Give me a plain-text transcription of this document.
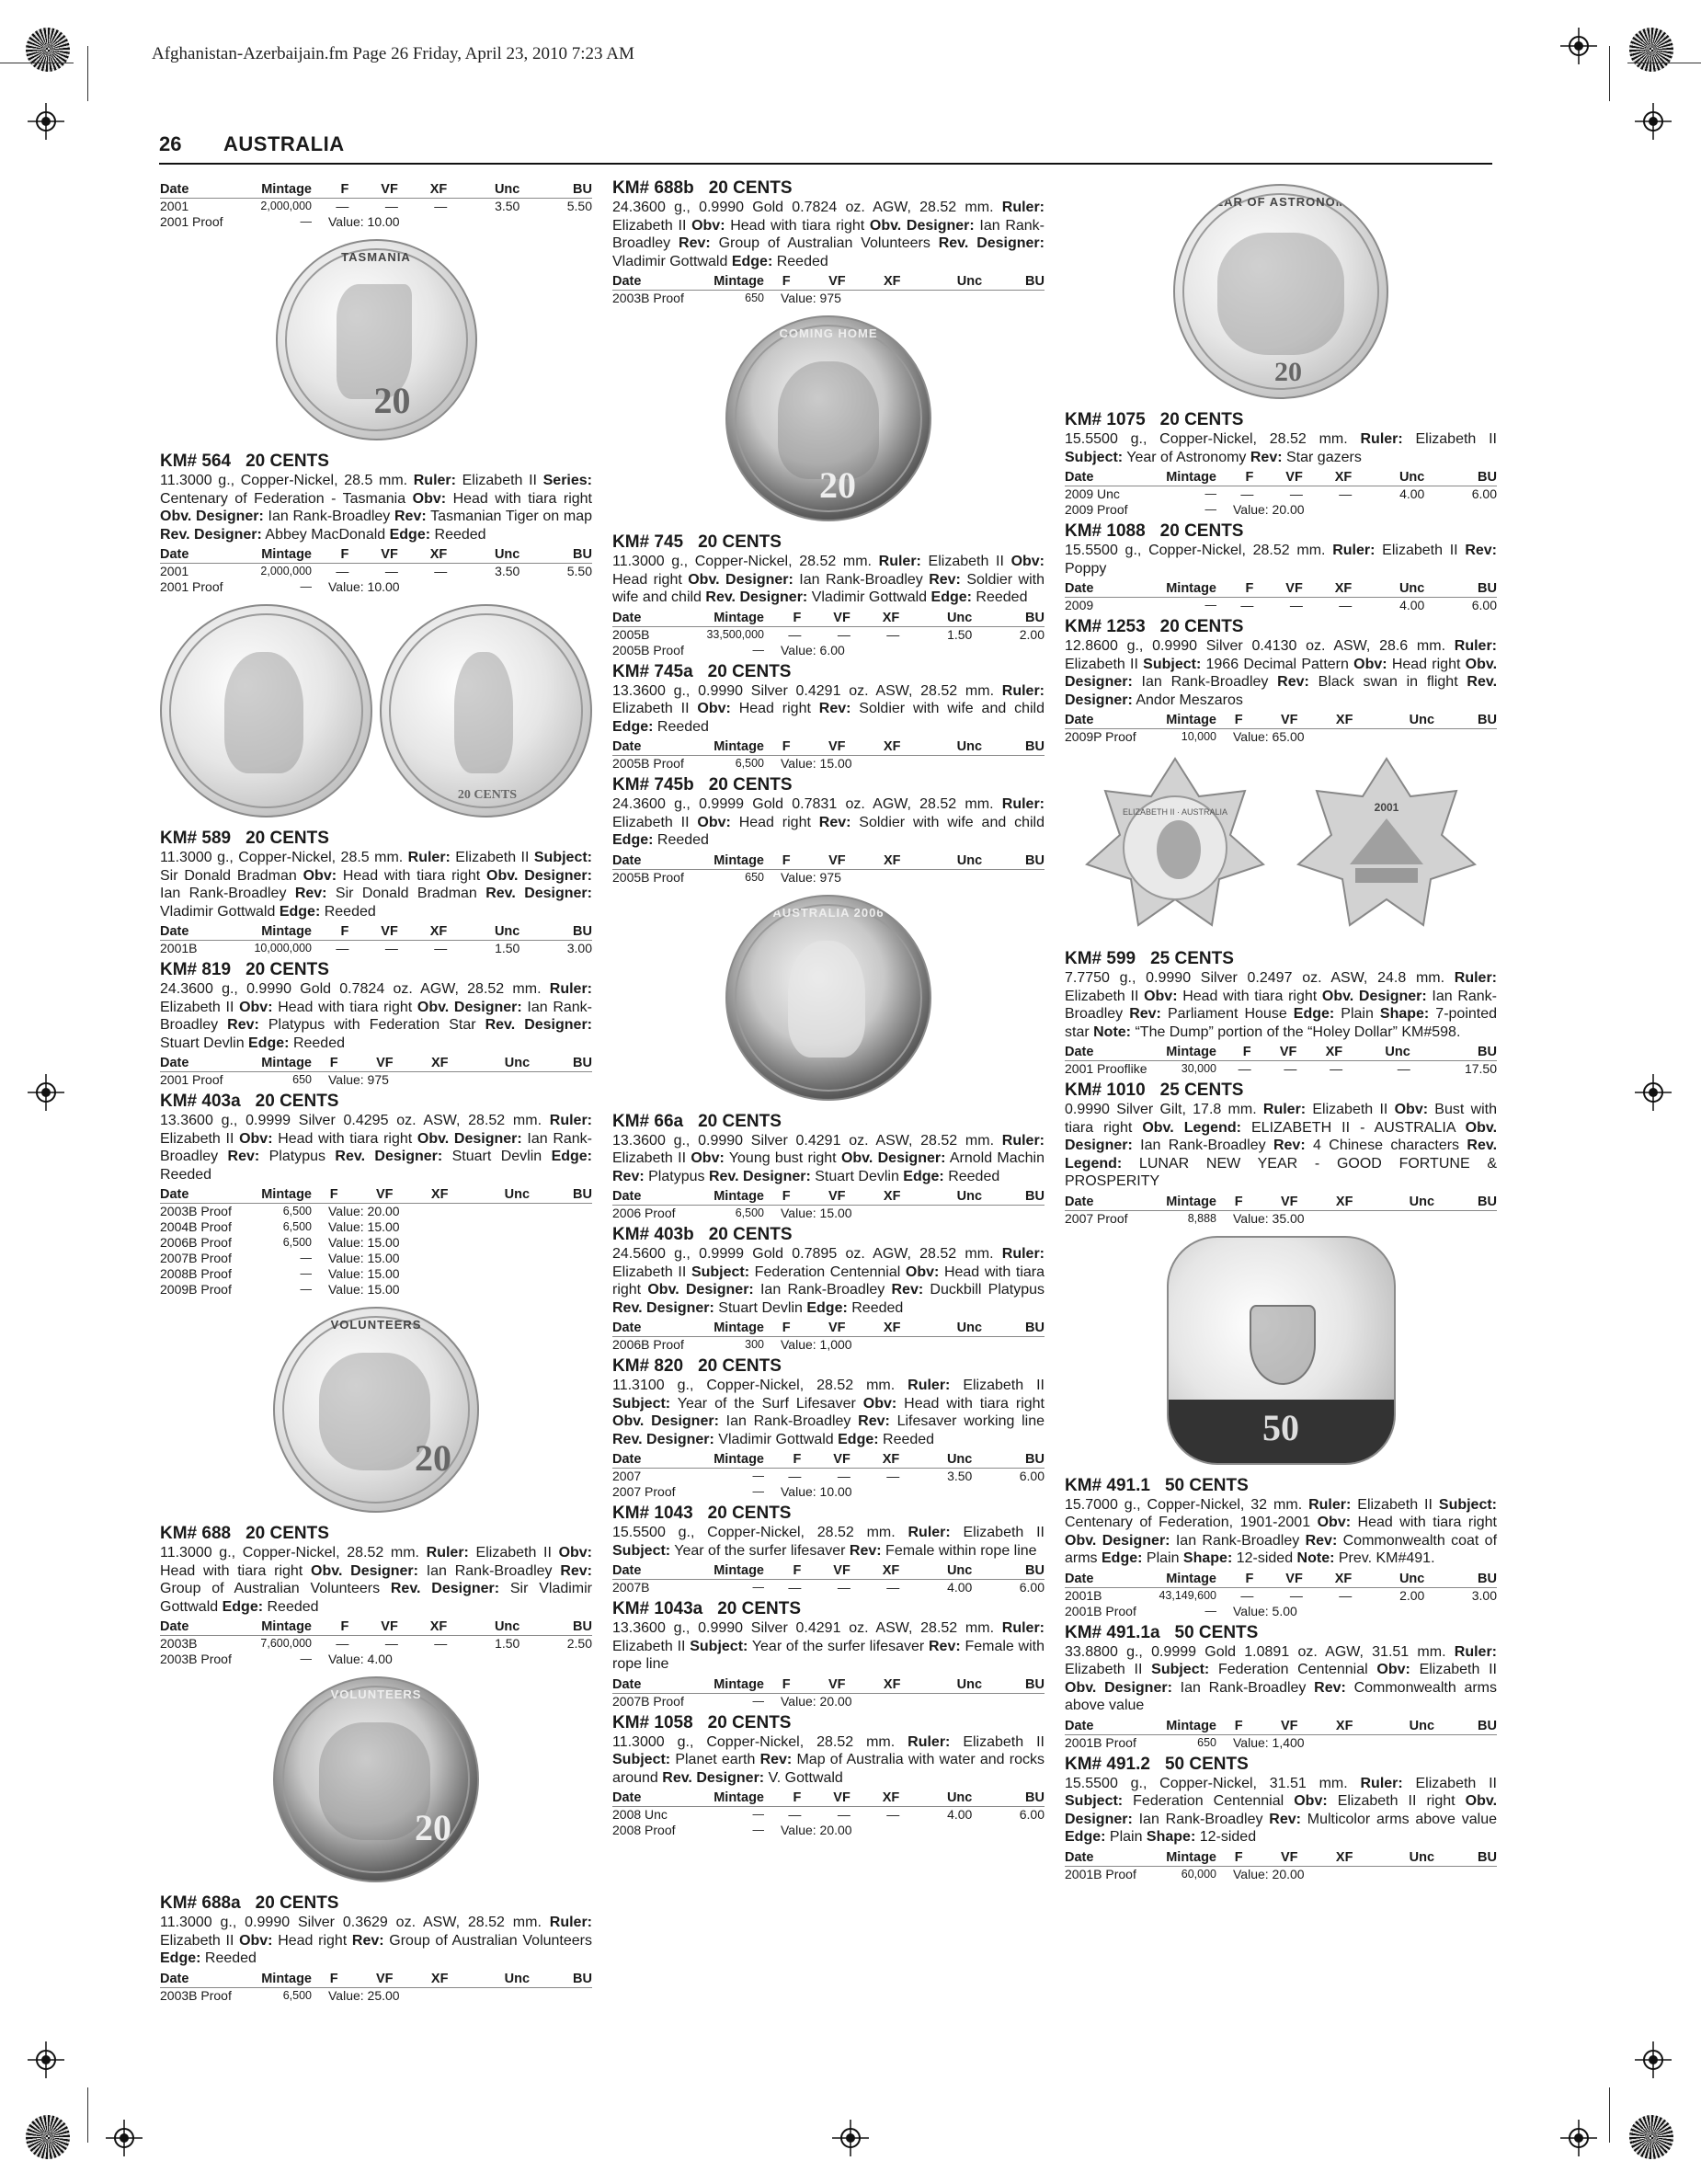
Afghanistan-Azerbaijain.fm Page 26 Friday, April 23, 2010 7:23 AM
26 AUSTRALIA
Date	Mintage	F	VF	XF	Unc	BU
2001	2,000,000	—	—	—	3.50	5.50
2001 Proof	—	Value: 10.00				
TASMANIA
20

KM# 564 20 CENTS

11.3000 g., Copper-Nickel, 28.5 mm. Ruler: Elizabeth II Series: Centenary of Federation - Tasmania Obv: Head with tiara right Obv. Designer: Ian Rank-Broadley Rev: Tasmanian Tiger on map Rev. Designer: Abbey MacDonald Edge: Reeded

Date	Mintage	F	VF	XF	Unc	BU
2001	2,000,000	—	—	—	3.50	5.50
2001 Proof	—	Value: 10.00				
20 CENTS

KM# 589 20 CENTS

11.3000 g., Copper-Nickel, 28.5 mm. Ruler: Elizabeth II Subject: Sir Donald Bradman Obv: Head with tiara right Obv. Designer: Ian Rank-Broadley Rev: Sir Donald Bradman Rev. Designer: Vladimir Gottwald Edge: Reeded

Date	Mintage	F	VF	XF	Unc	BU
2001B	10,000,000	—	—	—	1.50	3.00

KM# 819 20 CENTS

24.3600 g., 0.9990 Gold 0.7824 oz. AGW, 28.52 mm. Ruler: Elizabeth II Obv: Head with tiara right Obv. Designer: Ian Rank-Broadley Rev: Platypus with Federation Star Rev. Designer: Stuart Devlin Edge: Reeded

Date	Mintage	F	VF	XF	Unc	BU
2001 Proof	650	Value: 975				

KM# 403a 20 CENTS

13.3600 g., 0.9999 Silver 0.4295 oz. ASW, 28.52 mm. Ruler: Elizabeth II Obv: Head with tiara right Obv. Designer: Ian Rank-Broadley Rev: Platypus Rev. Designer: Stuart Devlin Edge: Reeded

Date	Mintage	F	VF	XF	Unc	BU
2003B Proof	6,500	Value: 20.00				
2004B Proof	6,500	Value: 15.00				
2006B Proof	6,500	Value: 15.00				
2007B Proof	—	Value: 15.00				
2008B Proof	—	Value: 15.00				
2009B Proof	—	Value: 15.00				
VOLUNTEERS
20

KM# 688 20 CENTS

11.3000 g., Copper-Nickel, 28.52 mm. Ruler: Elizabeth II Obv: Head with tiara right Obv. Designer: Ian Rank-Broadley Rev: Group of Australian Volunteers Rev. Designer: Sir Vladimir Gottwald Edge: Reeded

Date	Mintage	F	VF	XF	Unc	BU
2003B	7,600,000	—	—	—	1.50	2.50
2003B Proof	—	Value: 4.00				
VOLUNTEERS
20

KM# 688a 20 CENTS

11.3000 g., 0.9990 Silver 0.3629 oz. ASW, 28.52 mm. Ruler: Elizabeth II Obv: Head right Rev: Group of Australian Volunteers Edge: Reeded

Date	Mintage	F	VF	XF	Unc	BU
2003B Proof	6,500	Value: 25.00				

KM# 688b 20 CENTS

24.3600 g., 0.9990 Gold 0.7824 oz. AGW, 28.52 mm. Ruler: Elizabeth II Obv: Head with tiara right Obv. Designer: Ian Rank-Broadley Rev: Group of Australian Volunteers Rev. Designer: Vladimir Gottwald Edge: Reeded

Date	Mintage	F	VF	XF	Unc	BU
2003B Proof	650	Value: 975				
COMING HOME
20

KM# 745 20 CENTS

11.3000 g., Copper-Nickel, 28.52 mm. Ruler: Elizabeth II Obv: Head right Obv. Designer: Ian Rank-Broadley Rev: Soldier with wife and child Rev. Designer: Vladimir Gottwald Edge: Reeded

Date	Mintage	F	VF	XF	Unc	BU
2005B	33,500,000	—	—	—	1.50	2.00
2005B Proof	—	Value: 6.00				

KM# 745a 20 CENTS

13.3600 g., 0.9990 Silver 0.4291 oz. ASW, 28.52 mm. Ruler: Elizabeth II Obv: Head right Rev: Soldier with wife and child Edge: Reeded

Date	Mintage	F	VF	XF	Unc	BU
2005B Proof	6,500	Value: 15.00				

KM# 745b 20 CENTS

24.3600 g., 0.9999 Gold 0.7831 oz. AGW, 28.52 mm. Ruler: Elizabeth II Obv: Head right Rev: Soldier with wife and child Edge: Reeded

Date	Mintage	F	VF	XF	Unc	BU
2005B Proof	650	Value: 975				
AUSTRALIA 2006

KM# 66a 20 CENTS

13.3600 g., 0.9990 Silver 0.4291 oz. ASW, 28.52 mm. Ruler: Elizabeth II Obv: Young bust right Obv. Designer: Arnold Machin Rev: Platypus Rev. Designer: Stuart Devlin Edge: Reeded

Date	Mintage	F	VF	XF	Unc	BU
2006 Proof	6,500	Value: 15.00				

KM# 403b 20 CENTS

24.5600 g., 0.9999 Gold 0.7895 oz. AGW, 28.52 mm. Ruler: Elizabeth II Subject: Federation Centennial Obv: Head with tiara right Obv. Designer: Ian Rank-Broadley Rev: Duckbill Platypus Rev. Designer: Stuart Devlin Edge: Reeded

Date	Mintage	F	VF	XF	Unc	BU
2006B Proof	300	Value: 1,000				

KM# 820 20 CENTS

11.3100 g., Copper-Nickel, 28.52 mm. Ruler: Elizabeth II Subject: Year of the Surf Lifesaver Obv: Head with tiara right Obv. Designer: Ian Rank-Broadley Rev: Lifesaver working line Rev. Designer: Vladimir Gottwald Edge: Reeded

Date	Mintage	F	VF	XF	Unc	BU
2007	—	—	—	—	3.50	6.00
2007 Proof	—	Value: 10.00				

KM# 1043 20 CENTS

15.5500 g., Copper-Nickel, 28.52 mm. Ruler: Elizabeth II Subject: Year of the surfer lifesaver Rev: Female within rope line

Date	Mintage	F	VF	XF	Unc	BU
2007B	—	—	—	—	4.00	6.00

KM# 1043a 20 CENTS

13.3600 g., 0.9990 Silver 0.4291 oz. ASW, 28.52 mm. Ruler: Elizabeth II Subject: Year of the surfer lifesaver Rev: Female with rope line

Date	Mintage	F	VF	XF	Unc	BU
2007B Proof	—	Value: 20.00				

KM# 1058 20 CENTS

11.3000 g., Copper-Nickel, 28.52 mm. Ruler: Elizabeth II Subject: Planet earth Rev: Map of Australia with water and rocks around Rev. Designer: V. Gottwald

Date	Mintage	F	VF	XF	Unc	BU
2008 Unc	—	—	—	—	4.00	6.00
2008 Proof	—	Value: 20.00				
YEAR OF ASTRONOMY
20

KM# 1075 20 CENTS

15.5500 g., Copper-Nickel, 28.52 mm. Ruler: Elizabeth II Subject: Year of Astronomy Rev: Star gazers

Date	Mintage	F	VF	XF	Unc	BU
2009 Unc	—	—	—	—	4.00	6.00
2009 Proof	—	Value: 20.00				

KM# 1088 20 CENTS

15.5500 g., Copper-Nickel, 28.52 mm. Ruler: Elizabeth II Rev: Poppy

Date	Mintage	F	VF	XF	Unc	BU
2009	—	—	—	—	4.00	6.00

KM# 1253 20 CENTS

12.8600 g., 0.9990 Silver 0.4130 oz. ASW, 28.6 mm. Ruler: Elizabeth II Subject: 1966 Decimal Pattern Obv: Head right Obv. Designer: Ian Rank-Broadley Rev: Black swan in flight Rev. Designer: Andor Meszaros

Date	Mintage	F	VF	XF	Unc	BU
2009P Proof	10,000	Value: 65.00				
ELIZABETH II · AUSTRALIA	2001

KM# 599 25 CENTS

7.7750 g., 0.9990 Silver 0.2497 oz. ASW, 24.8 mm. Ruler: Elizabeth II Obv: Head with tiara right Obv. Designer: Ian Rank-Broadley Rev: Parliament House Edge: Plain Shape: 7-pointed star Note: “The Dump” portion of the “Holey Dollar” KM#598.

Date	Mintage	F	VF	XF	Unc	BU
2001 Prooflike	30,000	—	—	—	—	17.50

KM# 1010 25 CENTS

0.9990 Silver Gilt, 17.8 mm. Ruler: Elizabeth II Obv: Bust with tiara right Obv. Legend: ELIZABETH II - AUSTRALIA Obv. Designer: Ian Rank-Broadley Rev: 4 Chinese characters Rev. Legend: LUNAR NEW YEAR - GOOD FORTUNE & PROSPERITY

Date	Mintage	F	VF	XF	Unc	BU
2007 Proof	8,888	Value: 35.00				
50

KM# 491.1 50 CENTS

15.7000 g., Copper-Nickel, 32 mm. Ruler: Elizabeth II Subject: Centenary of Federation, 1901-2001 Obv: Head with tiara right Obv. Designer: Ian Rank-Broadley Rev: Commonwealth coat of arms Edge: Plain Shape: 12-sided Note: Prev. KM#491.

Date	Mintage	F	VF	XF	Unc	BU
2001B	43,149,600	—	—	—	2.00	3.00
2001B Proof	—	Value: 5.00				

KM# 491.1a 50 CENTS

33.8800 g., 0.9999 Gold 1.0891 oz. AGW, 31.51 mm. Ruler: Elizabeth II Subject: Federation Centennial Obv: Elizabeth II Obv. Designer: Ian Rank-Broadley Rev: Commonwealth arms above value

Date	Mintage	F	VF	XF	Unc	BU
2001B Proof	650	Value: 1,400				

KM# 491.2 50 CENTS

15.5500 g., Copper-Nickel, 31.51 mm. Ruler: Elizabeth II Subject: Federation Centennial Obv: Elizabeth II right Obv. Designer: Ian Rank-Broadley Rev: Multicolor arms above value Edge: Plain Shape: 12-sided

Date	Mintage	F	VF	XF	Unc	BU
2001B Proof	60,000	Value: 20.00				
